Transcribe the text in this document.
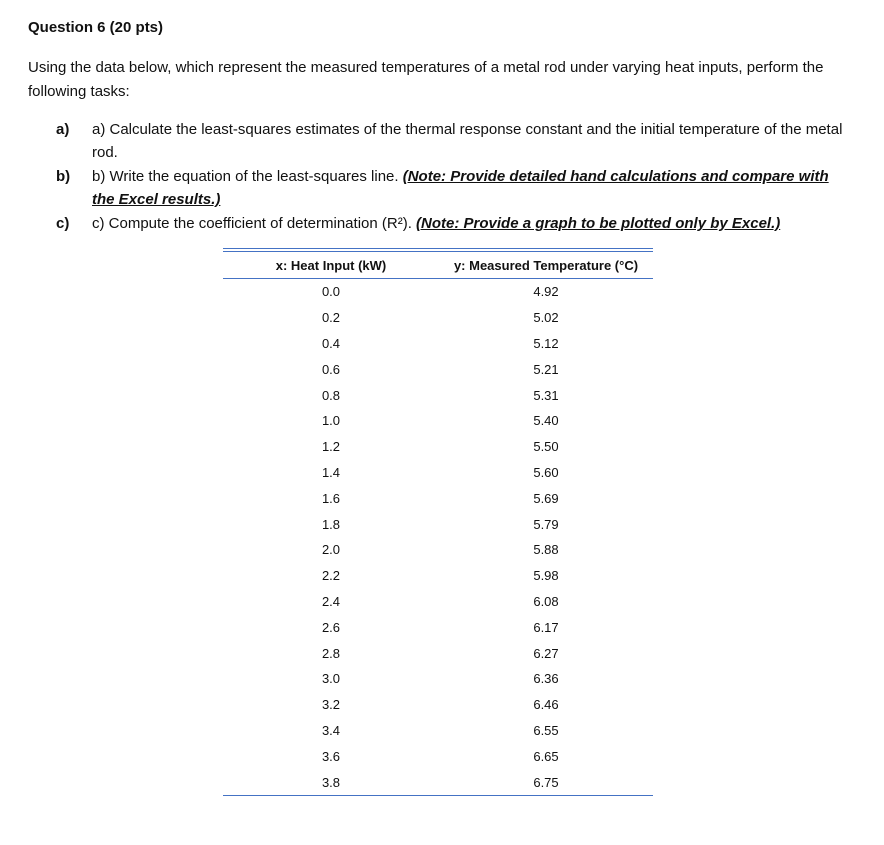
Question 6 (20 pts)
Using the data below, which represent the measured temperatures of a metal rod under varying heat inputs, perform the following tasks:
a)	a) Calculate the least-squares estimates of the thermal response constant and the initial temperature of the metal rod.
b)	b) Write the equation of the least-squares line. (Note: Provide detailed hand calculations and compare with the Excel results.)
c)	c) Compute the coefficient of determination (R²). (Note: Provide a graph to be plotted only by Excel.)
x: Heat Input (kW)	y: Measured Temperature (°C)
0.0	4.92
0.2	5.02
0.4	5.12
0.6	5.21
0.8	5.31
1.0	5.40
1.2	5.50
1.4	5.60
1.6	5.69
1.8	5.79
2.0	5.88
2.2	5.98
2.4	6.08
2.6	6.17
2.8	6.27
3.0	6.36
3.2	6.46
3.4	6.55
3.6	6.65
3.8	6.75
